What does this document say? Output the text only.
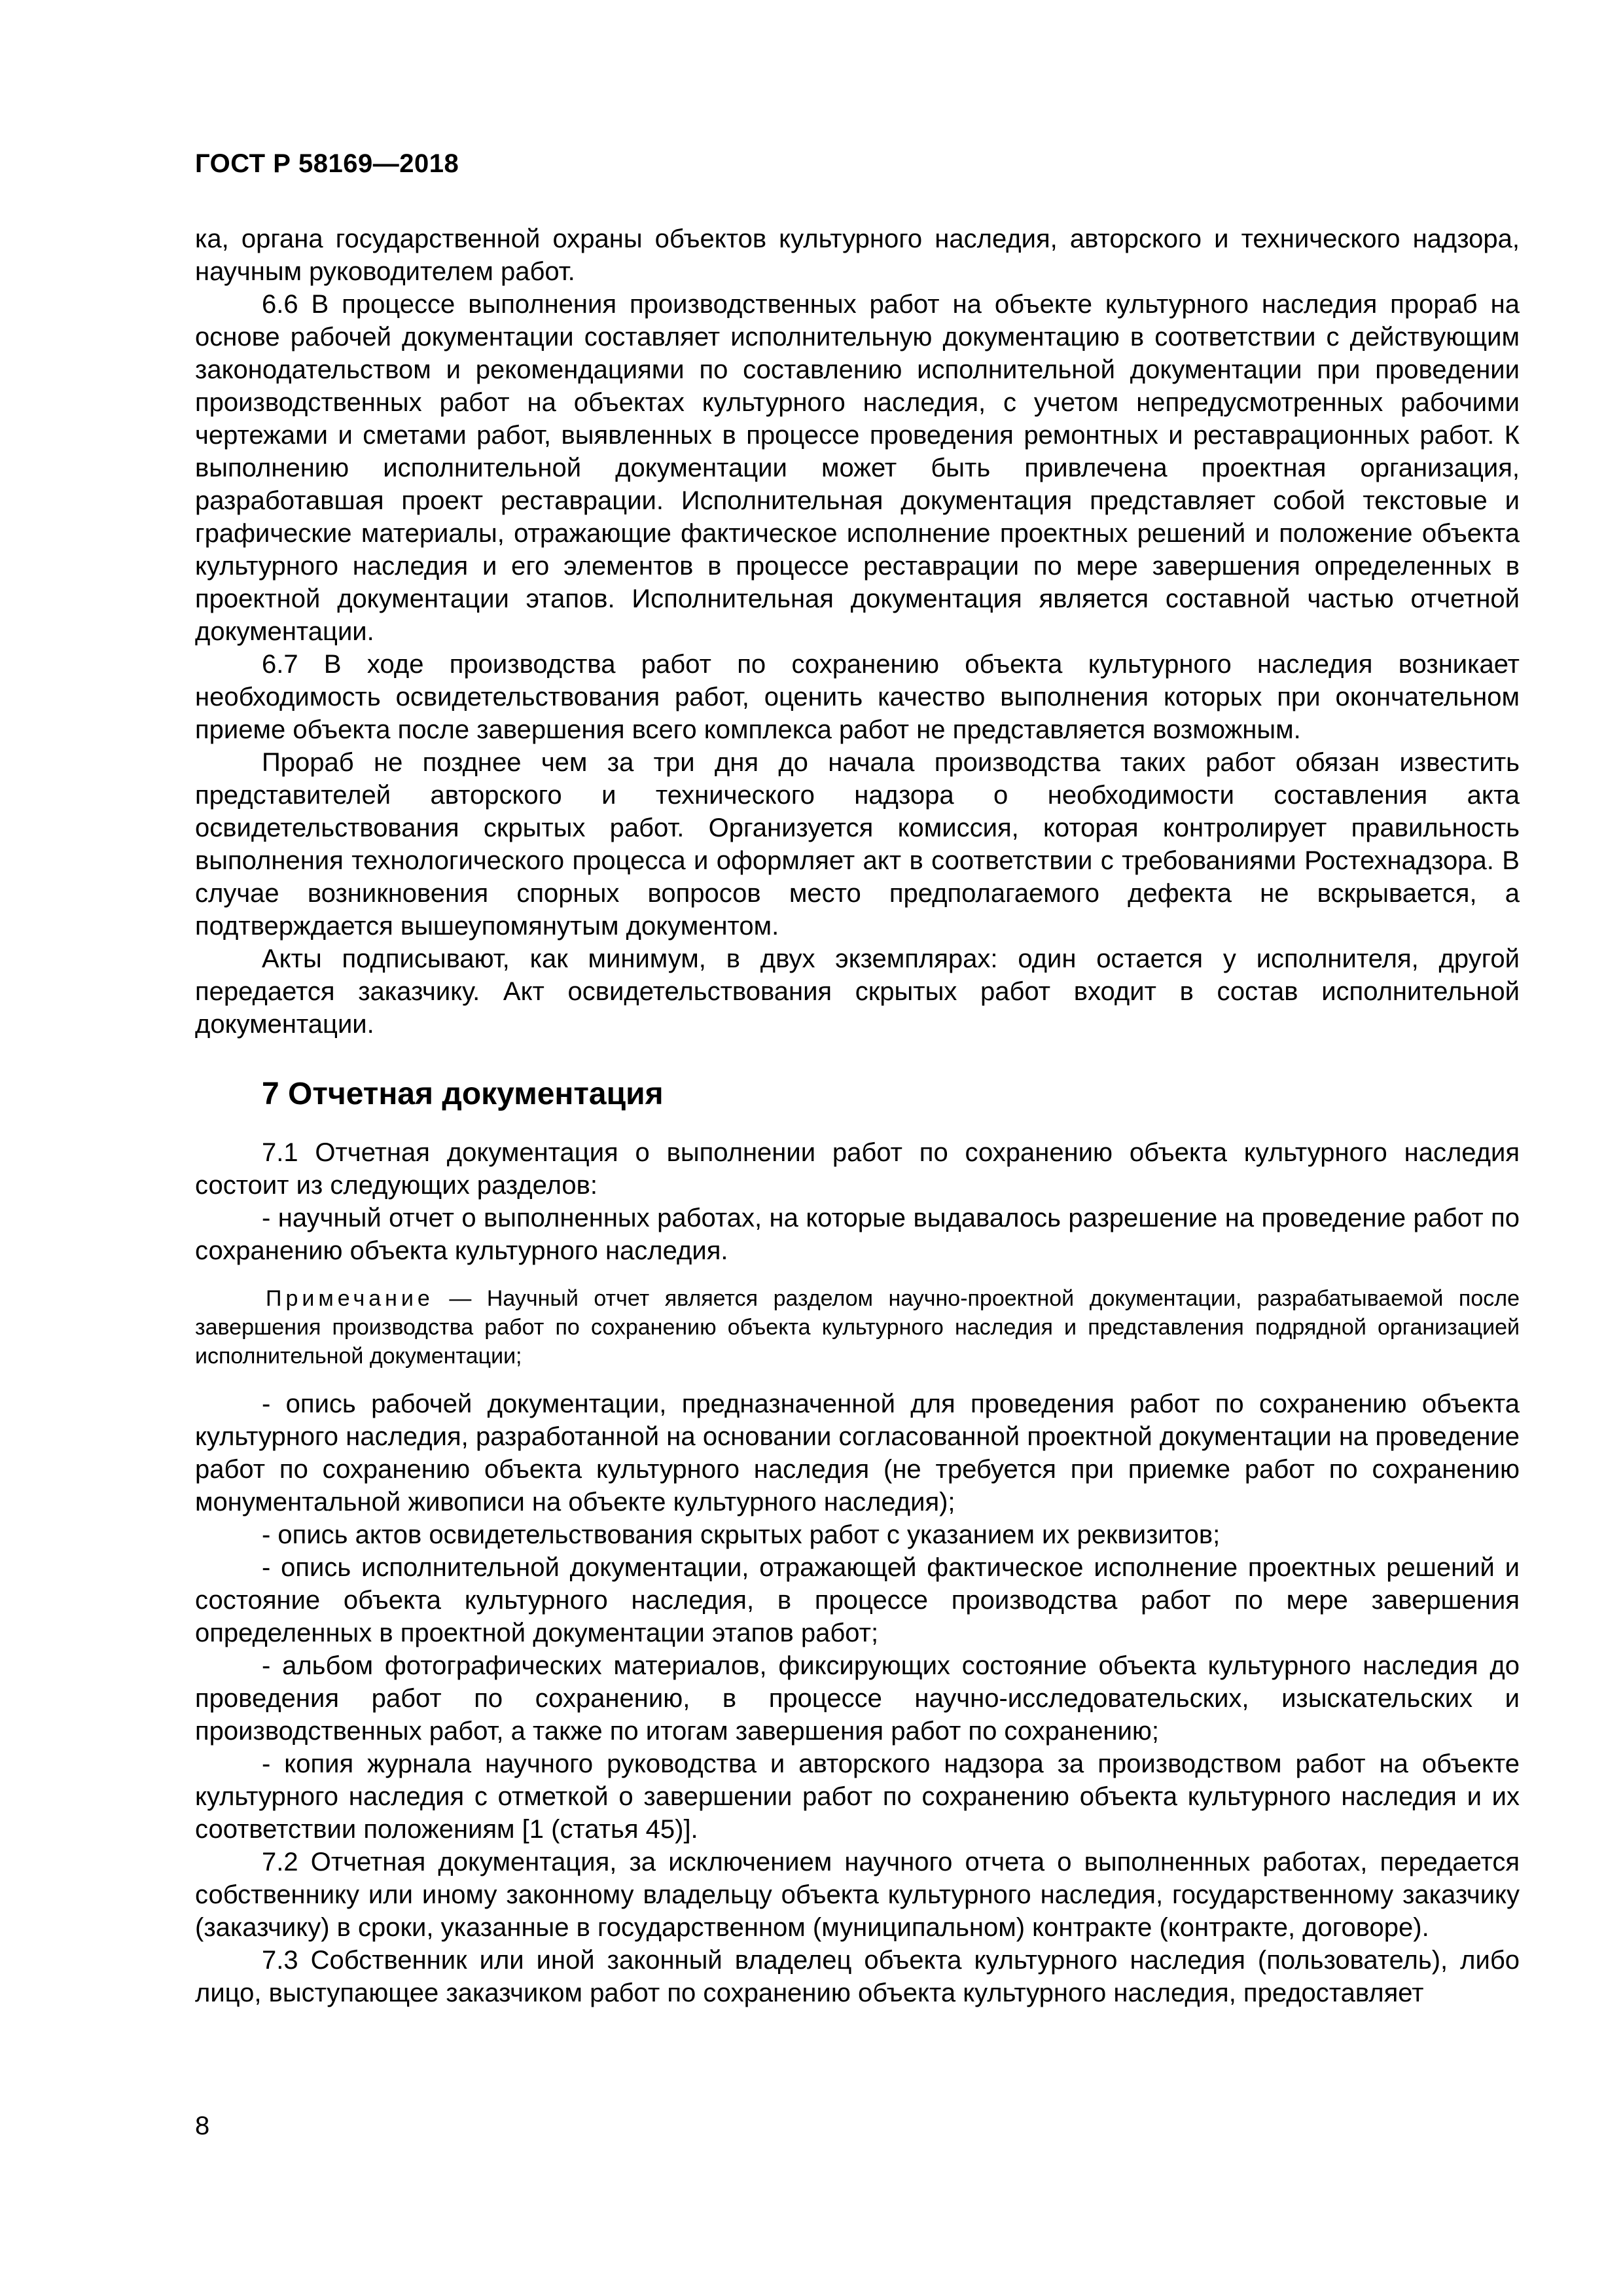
ГОСТ Р 58169—2018

ка, органа государственной охраны объектов культурного наследия, авторского и технического надзора, научным руководителем работ.

6.6 В процессе выполнения производственных работ на объекте культурного наследия прораб на основе рабочей документации составляет исполнительную документацию в соответствии с действующим законодательством и рекомендациями по составлению исполнительной документации при проведении производственных работ на объектах культурного наследия, с учетом непредусмотренных рабочими чертежами и сметами работ, выявленных в процессе проведения ремонтных и реставрационных работ. К выполнению исполнительной документации может быть привлечена проектная организация, разработавшая проект реставрации. Исполнительная документация представляет собой текстовые и графические материалы, отражающие фактическое исполнение проектных решений и положение объекта культурного наследия и его элементов в процессе реставрации по мере завершения определенных в проектной документации этапов. Исполнительная документация является составной частью отчетной документации.

6.7 В ходе производства работ по сохранению объекта культурного наследия возникает необходимость освидетельствования работ, оценить качество выполнения которых при окончательном приеме объекта после завершения всего комплекса работ не представляется возможным.

Прораб не позднее чем за три дня до начала производства таких работ обязан известить представителей авторского и технического надзора о необходимости составления акта освидетельствования скрытых работ. Организуется комиссия, которая контролирует правильность выполнения технологического процесса и оформляет акт в соответствии с требованиями Ростехнадзора. В случае возникновения спорных вопросов место предполагаемого дефекта не вскрывается, а подтверждается вышеупомянутым документом.

Акты подписывают, как минимум, в двух экземплярах: один остается у исполнителя, другой передается заказчику. Акт освидетельствования скрытых работ входит в состав исполнительной документации.

7 Отчетная документация

7.1 Отчетная документация о выполнении работ по сохранению объекта культурного наследия состоит из следующих разделов:

- научный отчет о выполненных работах, на которые выдавалось разрешение на проведение работ по сохранению объекта культурного наследия.

Примечание — Научный отчет является разделом научно-проектной документации, разрабатываемой после завершения производства работ по сохранению объекта культурного наследия и представления подрядной организацией исполнительной документации;

- опись рабочей документации, предназначенной для проведения работ по сохранению объекта культурного наследия, разработанной на основании согласованной проектной документации на проведение работ по сохранению объекта культурного наследия (не требуется при приемке работ по сохранению монументальной живописи на объекте культурного наследия);

- опись актов освидетельствования скрытых работ с указанием их реквизитов;

- опись исполнительной документации, отражающей фактическое исполнение проектных решений и состояние объекта культурного наследия, в процессе производства работ по мере завершения определенных в проектной документации этапов работ;

- альбом фотографических материалов, фиксирующих состояние объекта культурного наследия до проведения работ по сохранению, в процессе научно-исследовательских, изыскательских и производственных работ, а также по итогам завершения работ по сохранению;

- копия журнала научного руководства и авторского надзора за производством работ на объекте культурного наследия с отметкой о завершении работ по сохранению объекта культурного наследия и их соответствии положениям [1 (статья 45)].

7.2 Отчетная документация, за исключением научного отчета о выполненных работах, передается собственнику или иному законному владельцу объекта культурного наследия, государственному заказчику (заказчику) в сроки, указанные в государственном (муниципальном) контракте (контракте, договоре).

7.3 Собственник или иной законный владелец объекта культурного наследия (пользователь), либо лицо, выступающее заказчиком работ по сохранению объекта культурного наследия, предоставляет

8
